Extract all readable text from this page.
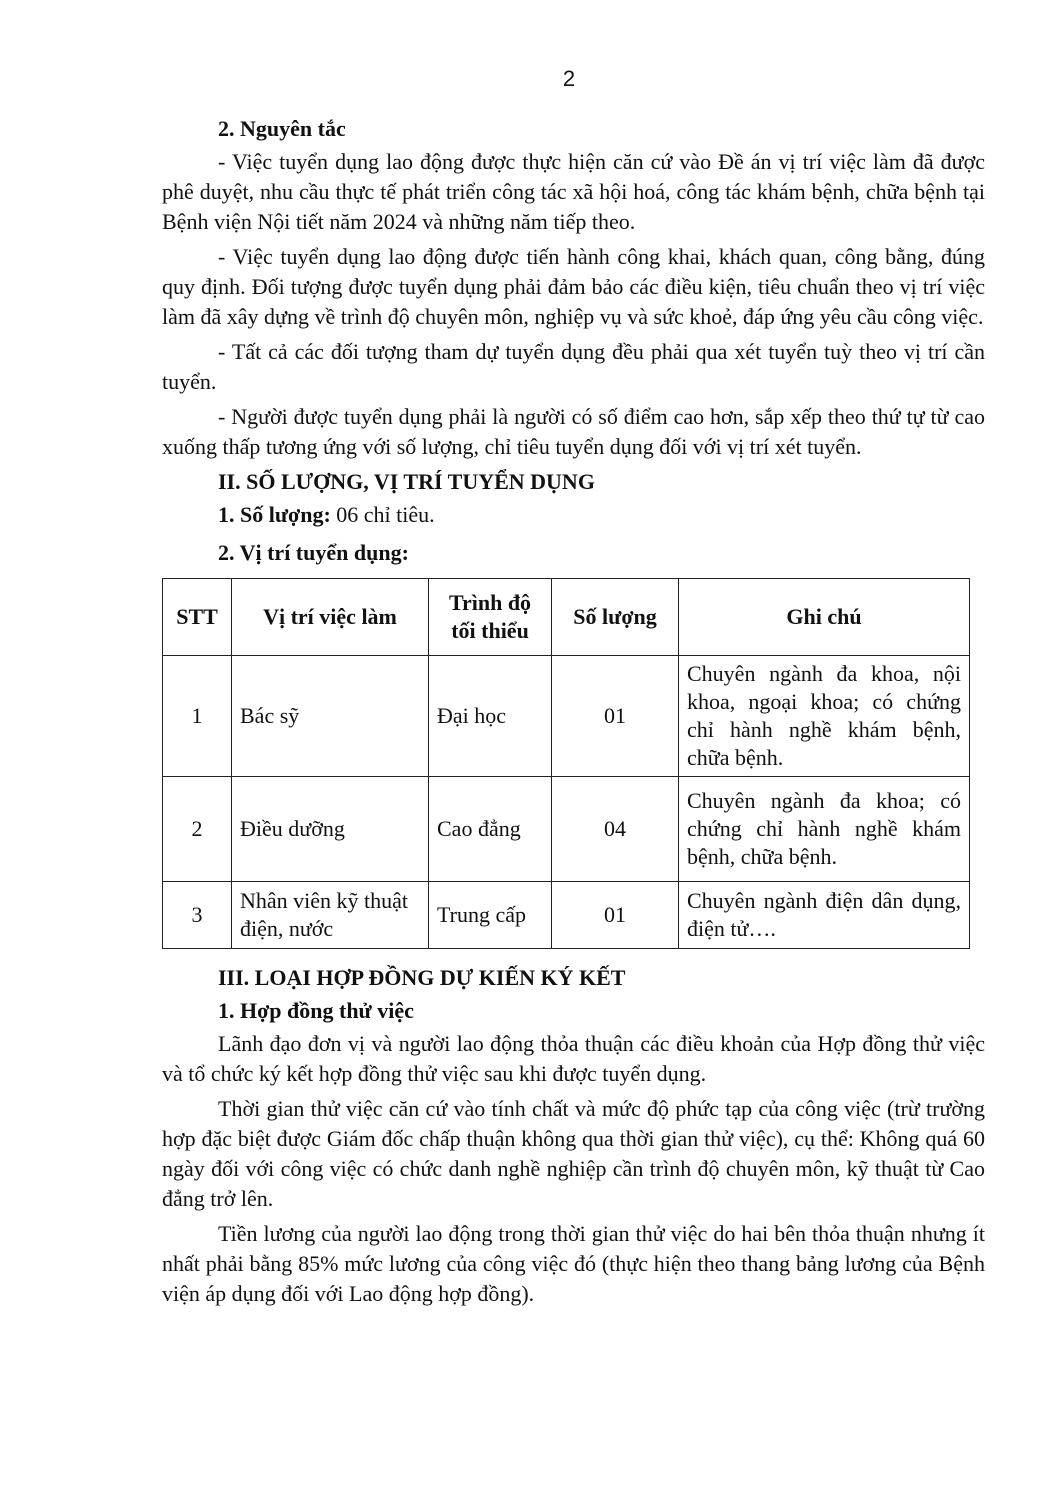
2
2. Nguyên tắc

- Việc tuyển dụng lao động được thực hiện căn cứ vào Đề án vị trí việc làm đã được phê duyệt, nhu cầu thực tế phát triển công tác xã hội hoá, công tác khám bệnh, chữa bệnh tại Bệnh viện Nội tiết năm 2024 và những năm tiếp theo.

- Việc tuyển dụng lao động được tiến hành công khai, khách quan, công bằng, đúng quy định. Đối tượng được tuyển dụng phải đảm bảo các điều kiện, tiêu chuẩn theo vị trí việc làm đã xây dựng về trình độ chuyên môn, nghiệp vụ và sức khoẻ, đáp ứng yêu cầu công việc.

- Tất cả các đối tượng tham dự tuyển dụng đều phải qua xét tuyển tuỳ theo vị trí cần tuyển.

- Người được tuyển dụng phải là người có số điểm cao hơn, sắp xếp theo thứ tự từ cao xuống thấp tương ứng với số lượng, chỉ tiêu tuyển dụng đối với vị trí xét tuyển.

II. SỐ LƯỢNG, VỊ TRÍ TUYỂN DỤNG
1. Số lượng: 06 chỉ tiêu.
2. Vị trí tuyển dụng:
STT	Vị trí việc làm	Trình độ tối thiểu	Số lượng	Ghi chú
1	Bác sỹ	Đại học	01	Chuyên ngành đa khoa, nội khoa, ngoại khoa; có chứng chỉ hành nghề khám bệnh, chữa bệnh.
2	Điều dưỡng	Cao đẳng	04	Chuyên ngành đa khoa; có chứng chỉ hành nghề khám bệnh, chữa bệnh.
3	Nhân viên kỹ thuật điện, nước	Trung cấp	01	Chuyên ngành điện dân dụng, điện tử….
III. LOẠI HỢP ĐỒNG DỰ KIẾN KÝ KẾT
1. Hợp đồng thử việc

Lãnh đạo đơn vị và người lao động thỏa thuận các điều khoản của Hợp đồng thử việc và tổ chức ký kết hợp đồng thử việc sau khi được tuyển dụng.

Thời gian thử việc căn cứ vào tính chất và mức độ phức tạp của công việc (trừ trường hợp đặc biệt được Giám đốc chấp thuận không qua thời gian thử việc), cụ thể: Không quá 60 ngày đối với công việc có chức danh nghề nghiệp cần trình độ chuyên môn, kỹ thuật từ Cao đẳng trở lên.

Tiền lương của người lao động trong thời gian thử việc do hai bên thỏa thuận nhưng ít nhất phải bằng 85% mức lương của công việc đó (thực hiện theo thang bảng lương của Bệnh viện áp dụng đối với Lao động hợp đồng).
